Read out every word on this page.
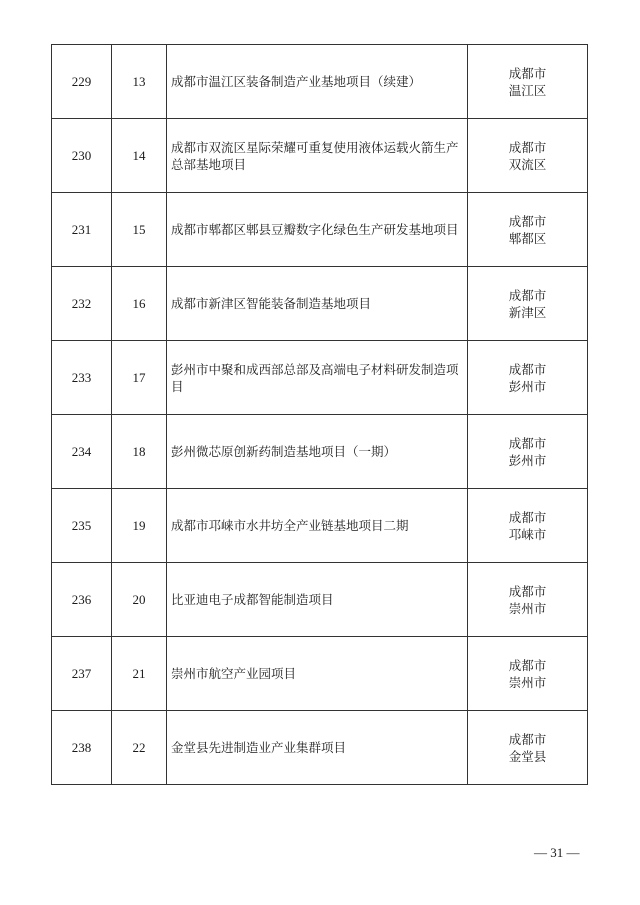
229	13	成都市温江区装备制造产业基地项目（续建）	成都市
温江区

230	14	成都市双流区星际荣耀可重复使用液体运载火箭生产总部基地项目	成都市
双流区

231	15	成都市郫都区郫县豆瓣数字化绿色生产研发基地项目	成都市
郫都区

232	16	成都市新津区智能装备制造基地项目	成都市
新津区

233	17	彭州市中聚和成西部总部及高端电子材料研发制造项目	成都市
彭州市

234	18	彭州微芯原创新药制造基地项目（一期）	成都市
彭州市

235	19	成都市邛崃市水井坊全产业链基地项目二期	成都市
邛崃市

236	20	比亚迪电子成都智能制造项目	成都市
崇州市

237	21	崇州市航空产业园项目	成都市
崇州市

238	22	金堂县先进制造业产业集群项目	成都市
金堂县
— 31 —
